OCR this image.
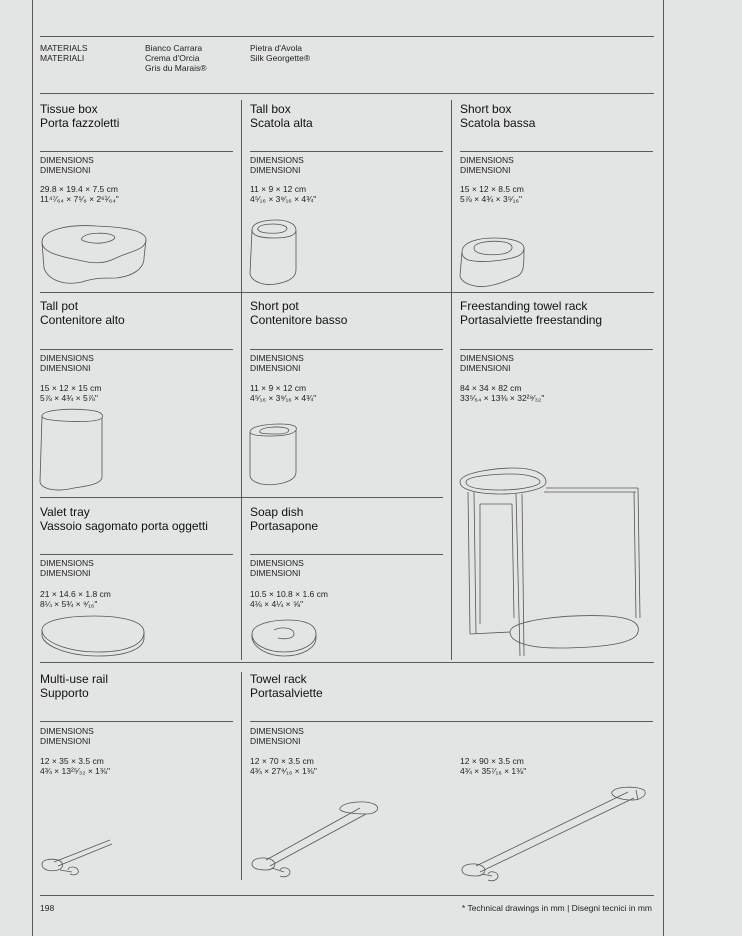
MATERIALS
MATERIALI
Bianco Carrara
Crema d'Orcia
Gris du Marais®
Pietra d'Avola
Silk Georgette®
Tissue box
Porta fazzoletti
DIMENSIONS
DIMENSIONI
29.8 × 19.4 × 7.5 cm
11⁴⁷⁄₆₄ × 7⁵⁄₈ × 2⁶¹⁄₆₄"
Tall box
Scatola alta
DIMENSIONS
DIMENSIONI
11 × 9 × 12 cm
4⁵⁄₁₆ × 3⁹⁄₁₆ × 4¾"
Short box
Scatola bassa
DIMENSIONS
DIMENSIONI
15 × 12 × 8.5 cm
5⅞ × 4¾ × 3⁵⁄₁₆"
Tall pot
Contenitore alto
DIMENSIONS
DIMENSIONI
15 × 12 × 15 cm
5⅞ × 4¾ × 5⅞"
Short pot
Contenitore basso
DIMENSIONS
DIMENSIONI
11 × 9 × 12 cm
4⁵⁄₁₆ × 3⁹⁄₁₆ × 4¾"
Freestanding towel rack
Portasalviette freestanding
DIMENSIONS
DIMENSIONI
84 × 34 × 82 cm
33⁵⁄₆₄ × 13⅜ × 32²⁹⁄₃₂"
Valet tray
Vassoio sagomato porta oggetti
DIMENSIONS
DIMENSIONI
21 × 14.6 × 1.8 cm
8¼ × 5¾ × ⁹⁄₁₆"
Soap dish
Portasapone
DIMENSIONS
DIMENSIONI
10.5 × 10.8 × 1.6 cm
4⅛ × 4¼ × ⅝"
Multi-use rail
Supporto
DIMENSIONS
DIMENSIONI
12 × 35 × 3.5 cm
4¾ × 13²⁵⁄₃₂ × 1⅜"
Towel rack
Portasalviette
DIMENSIONS
DIMENSIONI
12 × 70 × 3.5 cm
4¾ × 27⁹⁄₁₆ × 1⅜"
12 × 90 × 3.5 cm
4¾ × 35⁷⁄₁₆ × 1⅜"
198	* Technical drawings in mm | Disegni tecnici in mm
